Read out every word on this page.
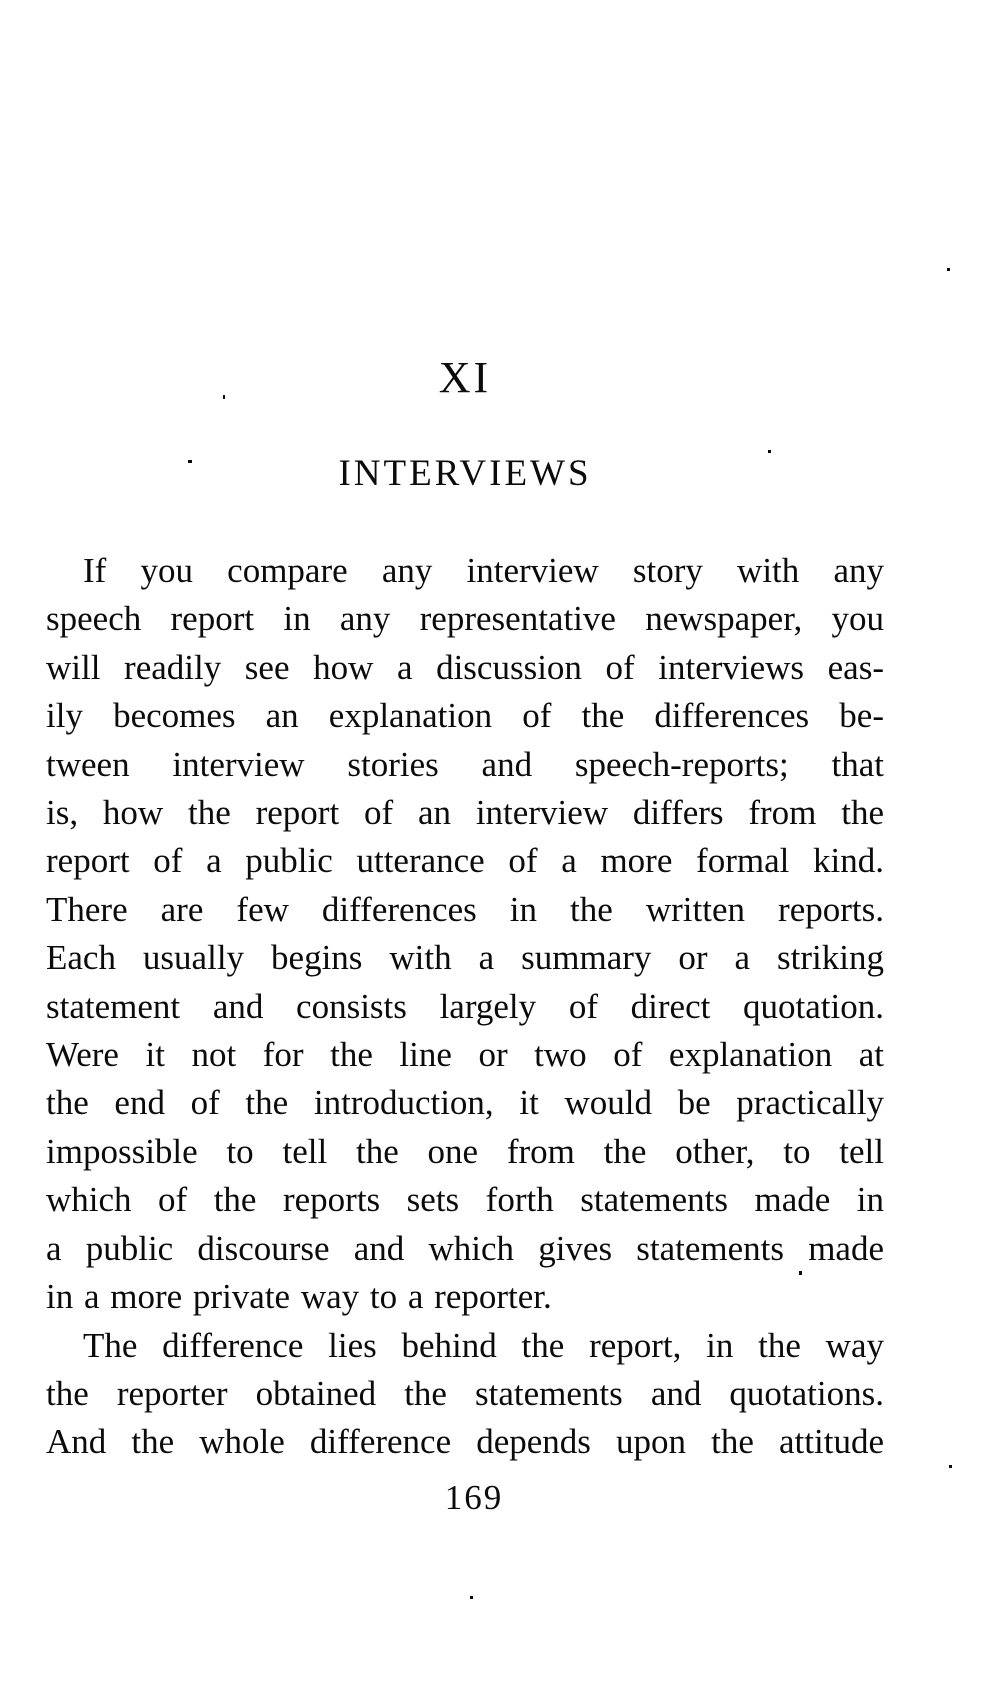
XI
INTERVIEWS
If you compare any interview story with any
speech report in any representative newspaper, you
will readily see how a discussion of interviews eas-
ily becomes an explanation of the differences be-
tween interview stories and speech-reports; that
is, how the report of an interview differs from the
report of a public utterance of a more formal kind.
There are few differences in the written reports.
Each usually begins with a summary or a striking
statement and consists largely of direct quotation.
Were it not for the line or two of explanation at
the end of the introduction, it would be practically
impossible to tell the one from the other, to tell
which of the reports sets forth statements made in
a public discourse and which gives statements made
in a more private way to a reporter.
The difference lies behind the report, in the way
the reporter obtained the statements and quotations.
And the whole difference depends upon the attitude
169
